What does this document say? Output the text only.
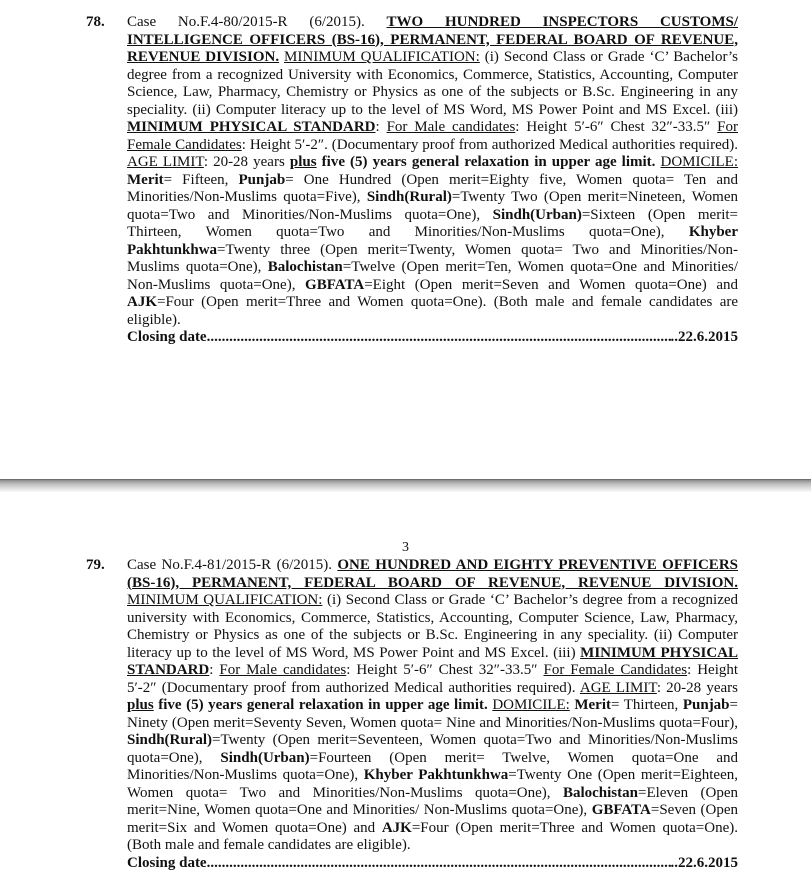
78.	Case No.F.4-80/2015-R (6/2015). TWO HUNDRED INSPECTORS CUSTOMS/ INTELLIGENCE OFFICERS (BS-16), PERMANENT, FEDERAL BOARD OF REVENUE, REVENUE DIVISION. MINIMUM QUALIFICATION: (i) Second Class or Grade ‘C’ Bachelor’s degree from a recognized University with Economics, Commerce, Statistics, Accounting, Computer Science, Law, Pharmacy, Chemistry or Physics as one of the subjects or B.Sc. Engineering in any speciality. (ii) Computer literacy up to the level of MS Word, MS Power Point and MS Excel. (iii) MINIMUM PHYSICAL STANDARD: For Male candidates: Height 5′-6″ Chest 32″-33.5″ For Female Candidates: Height 5′-2″. (Documentary proof from authorized Medical authorities required). AGE LIMIT: 20-28 years plus five (5) years general relaxation in upper age limit. DOMICILE: Merit= Fifteen, Punjab= One Hundred (Open merit=Eighty five, Women quota= Ten and Minorities/Non-Muslims quota=Five), Sindh(Rural)=Twenty Two (Open merit=Nineteen, Women quota=Two and Minorities/Non-Muslims quota=One), Sindh(Urban)=Sixteen (Open merit= Thirteen, Women quota=Two and Minorities/Non-Muslims quota=One), Khyber Pakhtunkhwa=Twenty three (Open merit=Twenty, Women quota= Two and Minorities/Non-Muslims quota=One), Balochistan=Twelve (Open merit=Ten, Women quota=One and Minorities/ Non-Muslims quota=One), GBFATA=Eight (Open merit=Seven and Women quota=One) and AJK=Four (Open merit=Three and Women quota=One). (Both male and female candidates are eligible).
Closing date .....	..22.6.2015
3
79.	Case No.F.4-81/2015-R (6/2015). ONE HUNDRED AND EIGHTY PREVENTIVE OFFICERS (BS-16), PERMANENT, FEDERAL BOARD OF REVENUE, REVENUE DIVISION. MINIMUM QUALIFICATION: (i) Second Class or Grade ‘C’ Bachelor’s degree from a recognized university with Economics, Commerce, Statistics, Accounting, Computer Science, Law, Pharmacy, Chemistry or Physics as one of the subjects or B.Sc. Engineering in any speciality. (ii) Computer literacy up to the level of MS Word, MS Power Point and MS Excel. (iii) MINIMUM PHYSICAL STANDARD: For Male candidates: Height 5′-6″ Chest 32″-33.5″ For Female Candidates: Height 5′-2″ (Documentary proof from authorized Medical authorities required). AGE LIMIT: 20-28 years plus five (5) years general relaxation in upper age limit. DOMICILE: Merit= Thirteen, Punjab= Ninety (Open merit=Seventy Seven, Women quota= Nine and Minorities/Non-Muslims quota=Four), Sindh(Rural)=Twenty (Open merit=Seventeen, Women quota=Two and Minorities/Non-Muslims quota=One), Sindh(Urban)=Fourteen (Open merit= Twelve, Women quota=One and Minorities/Non-Muslims quota=One), Khyber Pakhtunkhwa=Twenty One (Open merit=Eighteen, Women quota= Two and Minorities/Non-Muslims quota=One), Balochistan=Eleven (Open merit=Nine, Women quota=One and Minorities/ Non-Muslims quota=One), GBFATA=Seven (Open merit=Six and Women quota=One) and AJK=Four (Open merit=Three and Women quota=One). (Both male and female candidates are eligible).
Closing date .....	..22.6.2015
